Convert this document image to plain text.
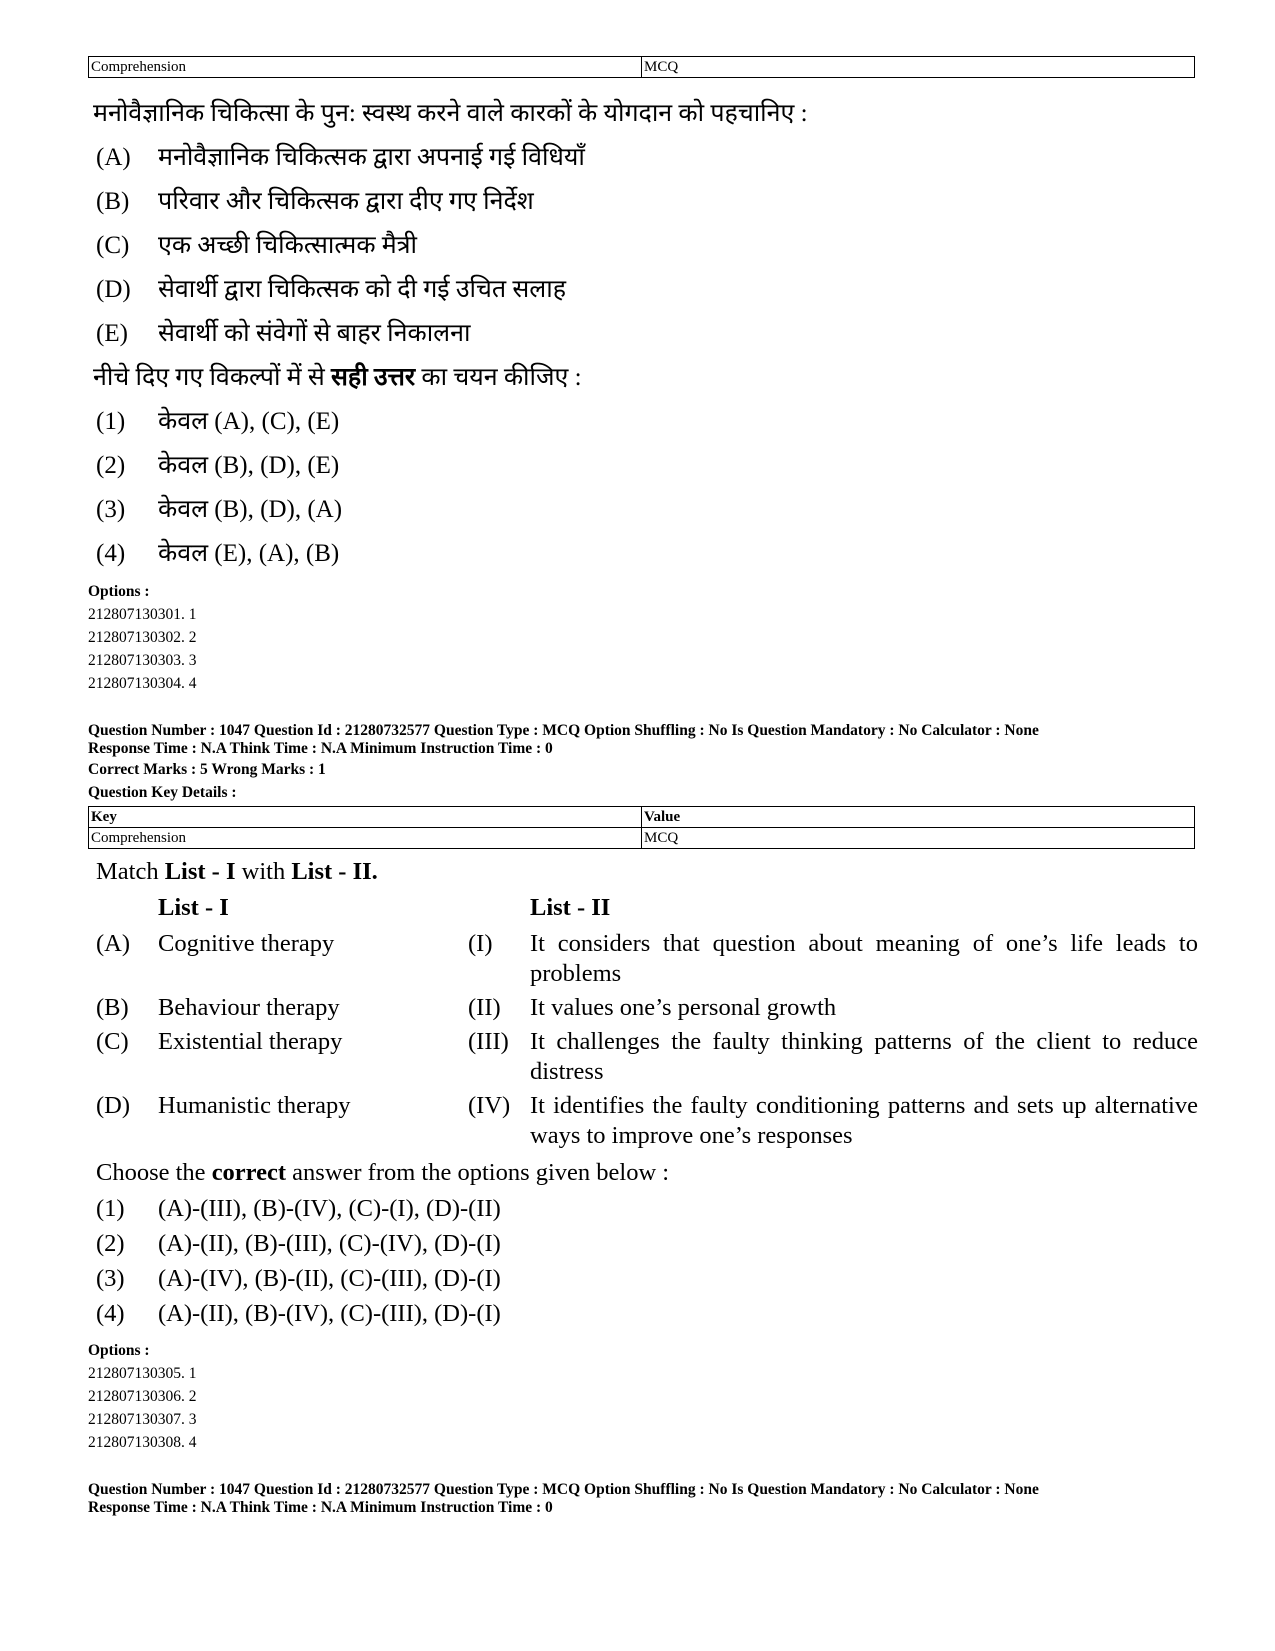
Comprehension	MCQ
मनोवैज्ञानिक चिकित्सा के पुन: स्वस्थ करने वाले कारकों के योगदान को पहचानिए :
(A) मनोवैज्ञानिक चिकित्सक द्वारा अपनाई गई विधियाँ
(B) परिवार और चिकित्सक द्वारा दीए गए निर्देश
(C) एक अच्छी चिकित्सात्मक मैत्री
(D) सेवार्थी द्वारा चिकित्सक को दी गई उचित सलाह
(E) सेवार्थी को संवेगों से बाहर निकालना
नीचे दिए गए विकल्पों में से सही उत्तर का चयन कीजिए :
(1) केवल (A), (C), (E)
(2) केवल (B), (D), (E)
(3) केवल (B), (D), (A)
(4) केवल (E), (A), (B)
Options :
212807130301. 1
212807130302. 2
212807130303. 3
212807130304. 4
Question Number : 1047 Question Id : 21280732577 Question Type : MCQ Option Shuffling : No Is Question Mandatory : No Calculator : None
Response Time : N.A Think Time : N.A Minimum Instruction Time : 0
Correct Marks : 5 Wrong Marks : 1
Question Key Details :
Key	Value
Comprehension	MCQ
Match List - I with List - II.
List - I	List - II
(A)	Cognitive therapy	(I)	It considers that question about meaning of one’s life leads to problems
(B)	Behaviour therapy	(II)	It values one’s personal growth
(C)	Existential therapy	(III) It challenges the faulty thinking patterns of the client to reduce distress
(D)	Humanistic therapy	(IV) It identifies the faulty conditioning patterns and sets up alternative ways to improve one’s responses
Choose the correct answer from the options given below :
(1)	(A)-(III), (B)-(IV), (C)-(I), (D)-(II)
(2)	(A)-(II), (B)-(III), (C)-(IV), (D)-(I)
(3)	(A)-(IV), (B)-(II), (C)-(III), (D)-(I)
(4)	(A)-(II), (B)-(IV), (C)-(III), (D)-(I)
Options :
212807130305. 1
212807130306. 2
212807130307. 3
212807130308. 4
Question Number : 1047 Question Id : 21280732577 Question Type : MCQ Option Shuffling : No Is Question Mandatory : No Calculator : None
Response Time : N.A Think Time : N.A Minimum Instruction Time : 0
